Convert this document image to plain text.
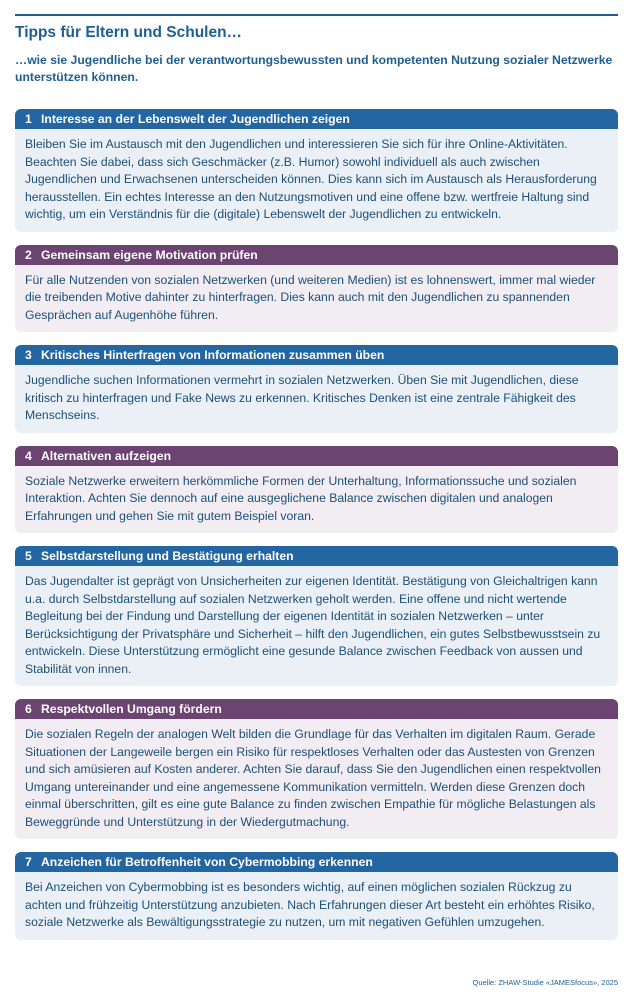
Tipps für Eltern und Schulen…
…wie sie Jugendliche bei der verantwortungsbewussten und kompetenten Nutzung sozialer Netzwerke unterstützen können.
1 Interesse an der Lebenswelt der Jugendlichen zeigen
Bleiben Sie im Austausch mit den Jugendlichen und interessieren Sie sich für ihre Online-Aktivitäten. Beachten Sie dabei, dass sich Geschmäcker (z.B. Humor) sowohl individuell als auch zwischen Jugendlichen und Erwachsenen unterscheiden können. Dies kann sich im Austausch als Herausforderung herausstellen. Ein echtes Interesse an den Nutzungsmotiven und eine offene bzw. wertfreie Haltung sind wichtig, um ein Verständnis für die (digitale) Lebenswelt der Jugendlichen zu entwickeln.
2 Gemeinsam eigene Motivation prüfen
Für alle Nutzenden von sozialen Netzwerken (und weiteren Medien) ist es lohnenswert, immer mal wieder die treibenden Motive dahinter zu hinterfragen. Dies kann auch mit den Jugendlichen zu spannenden Gesprächen auf Augenhöhe führen.
3 Kritisches Hinterfragen von Informationen zusammen üben
Jugendliche suchen Informationen vermehrt in sozialen Netzwerken. Üben Sie mit Jugendlichen, diese kritisch zu hinterfragen und Fake News zu erkennen. Kritisches Denken ist eine zentrale Fähigkeit des Menschseins.
4 Alternativen aufzeigen
Soziale Netzwerke erweitern herkömmliche Formen der Unterhaltung, Informationssuche und sozialen Interaktion. Achten Sie dennoch auf eine ausgeglichene Balance zwischen digitalen und analogen Erfahrungen und gehen Sie mit gutem Beispiel voran.
5 Selbstdarstellung und Bestätigung erhalten
Das Jugendalter ist geprägt von Unsicherheiten zur eigenen Identität. Bestätigung von Gleichaltrigen kann u.a. durch Selbstdarstellung auf sozialen Netzwerken geholt werden. Eine offene und nicht wertende Begleitung bei der Findung und Darstellung der eigenen Identität in sozialen Netzwerken – unter Berücksichtigung der Privatsphäre und Sicherheit – hilft den Jugendlichen, ein gutes Selbstbewusstsein zu entwickeln. Diese Unterstützung ermöglicht eine gesunde Balance zwischen Feedback von aussen und Stabilität von innen.
6 Respektvollen Umgang fördern
Die sozialen Regeln der analogen Welt bilden die Grundlage für das Verhalten im digitalen Raum. Gerade Situationen der Langeweile bergen ein Risiko für respektloses Verhalten oder das Austesten von Grenzen und sich amüsieren auf Kosten anderer. Achten Sie darauf, dass Sie den Jugendlichen einen respektvollen Umgang untereinander und eine angemessene Kommunikation vermitteln. Werden diese Grenzen doch einmal überschritten, gilt es eine gute Balance zu finden zwischen Empathie für mögliche Belastungen als Beweggründe und Unterstützung in der Wiedergutmachung.
7 Anzeichen für Betroffenheit von Cybermobbing erkennen
Bei Anzeichen von Cybermobbing ist es besonders wichtig, auf einen möglichen sozialen Rückzug zu achten und frühzeitig Unterstützung anzubieten. Nach Erfahrungen dieser Art besteht ein erhöhtes Risiko, soziale Netzwerke als Bewältigungsstrategie zu nutzen, um mit negativen Gefühlen umzugehen.
Quelle: ZHAW-Studie «JAMESfocus», 2025
